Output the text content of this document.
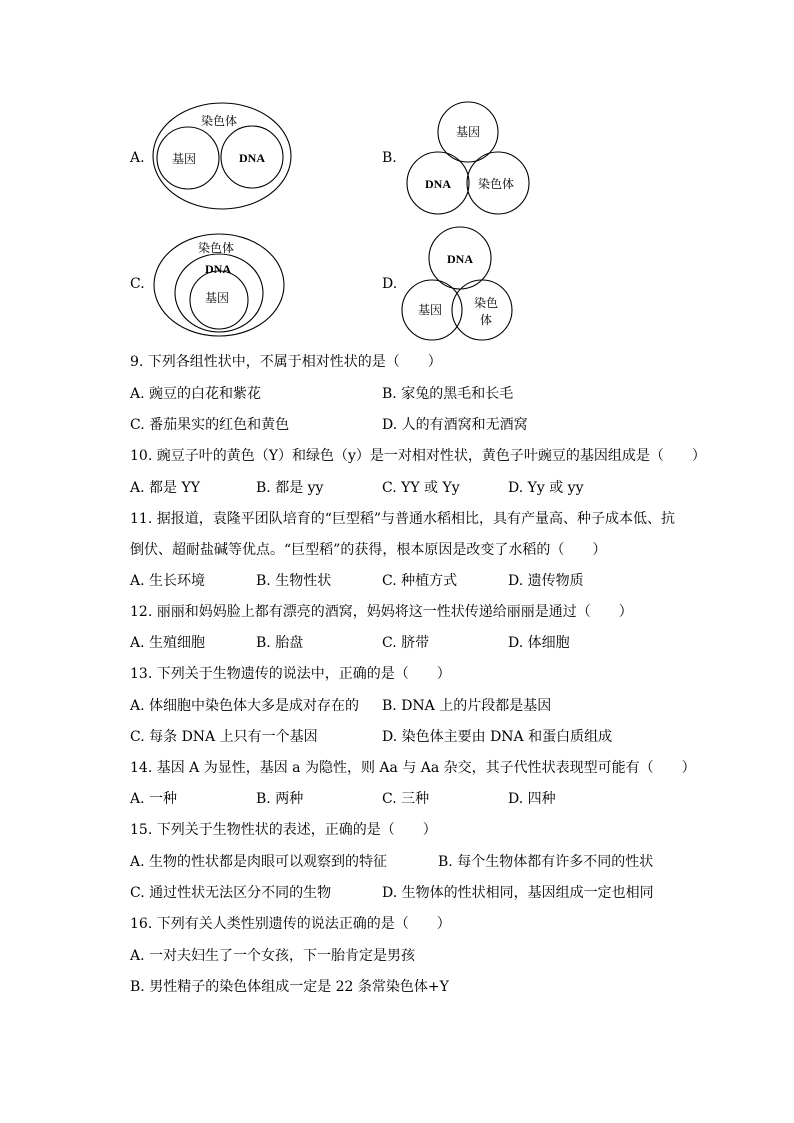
A.
染色体
基因	DNA	B.
基因
DNA 染色体
C.
染色体
DNA
基因
D.
DNA
基因	染色
体
9. 下列各组性状中，不属于相对性状的是（　　）
A. 豌豆的白花和紫花	B. 家兔的黑毛和长毛
C. 番茄果实的红色和黄色	D. 人的有酒窝和无酒窝
10. 豌豆子叶的黄色（Y）和绿色（y）是一对相对性状，黄色子叶豌豆的基因组成是（　　）
A. 都是 YY	B. 都是 yy	C. YY 或 Yy	D. Yy 或 yy
11. 据报道，袁隆平团队培育的“巨型稻”与普通水稻相比，具有产量高、种子成本低、抗
倒伏、超耐盐碱等优点。“巨型稻”的获得，根本原因是改变了水稻的（　　）
A. 生长环境	B. 生物性状	C. 种植方式	D. 遗传物质
12. 丽丽和妈妈脸上都有漂亮的酒窝，妈妈将这一性状传递给丽丽是通过（　　）
A. 生殖细胞	B. 胎盘	C. 脐带	D. 体细胞
13. 下列关于生物遗传的说法中，正确的是（　　）
A. 体细胞中染色体大多是成对存在的 B. DNA 上的片段都是基因
C. 每条 DNA 上只有一个基因	D. 染色体主要由 DNA 和蛋白质组成
14. 基因 A 为显性，基因 a 为隐性，则 Aa 与 Aa 杂交，其子代性状表现型可能有（　　）
A. 一种	B. 两种	C. 三种	D. 四种
15. 下列关于生物性状的表述，正确的是（　　）
A. 生物的性状都是肉眼可以观察到的特征	B. 每个生物体都有许多不同的性状
C. 通过性状无法区分不同的生物	D. 生物体的性状相同，基因组成一定也相同
16. 下列有关人类性别遗传的说法正确的是（　　）
A. 一对夫妇生了一个女孩，下一胎肯定是男孩
B. 男性精子的染色体组成一定是 22 条常染色体+Y
